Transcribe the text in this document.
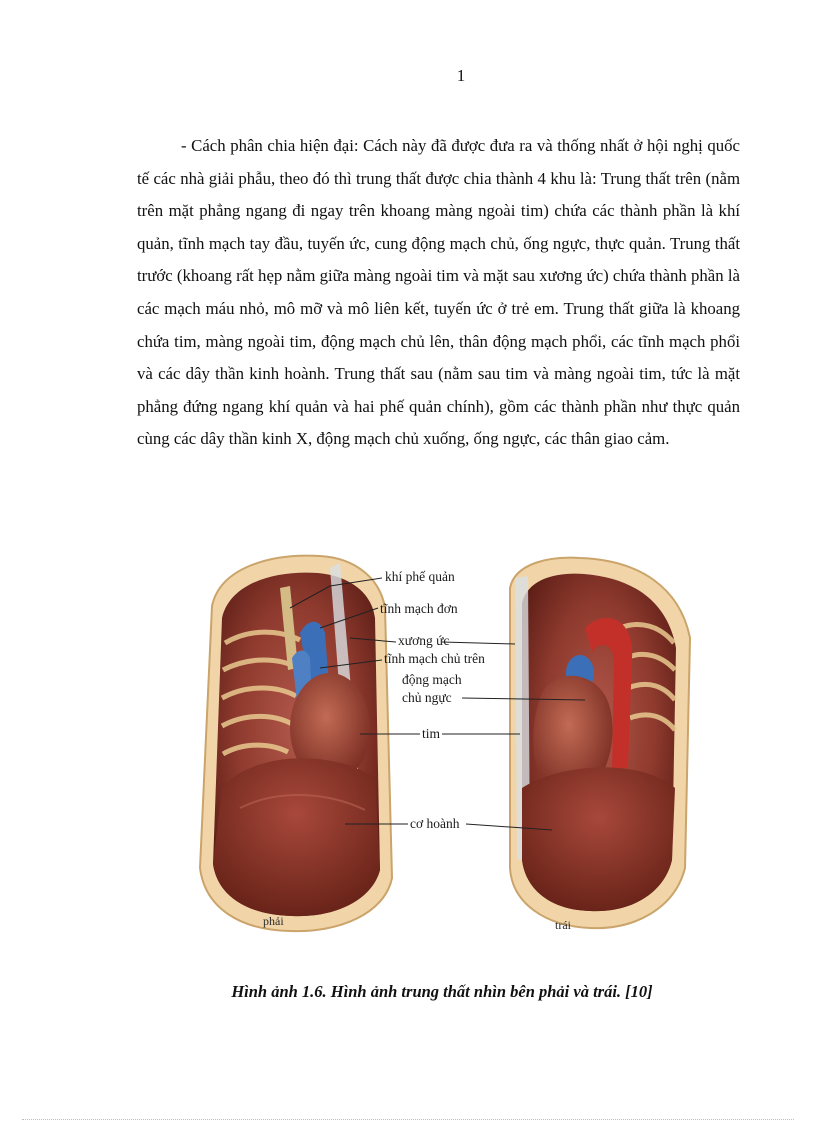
1

- Cách phân chia hiện đại: Cách này đã được đưa ra và thống nhất ở hội nghị quốc tế các nhà giải phẫu, theo đó thì trung thất được chia thành 4 khu là: Trung thất trên (nằm trên mặt phẳng ngang đi ngay trên khoang màng ngoài tim) chứa các thành phần là khí quản, tĩnh mạch tay đầu, tuyến ức, cung động mạch chủ, ống ngực, thực quản. Trung thất trước (khoang rất hẹp nằm giữa màng ngoài tim và mặt sau xương ức) chứa thành phần là các mạch máu nhỏ, mô mỡ và mô liên kết, tuyến ức ở trẻ em. Trung thất giữa là khoang chứa tim, màng ngoài tim, động mạch chủ lên, thân động mạch phổi, các tĩnh mạch phổi và các dây thần kinh hoành. Trung thất sau (nằm sau tim và màng ngoài tim, tức là mặt phẳng đứng ngang khí quản và hai phế quản chính), gồm các thành phần như thực quản cùng các dây thần kinh X, động mạch chủ xuống, ống ngực, các thân giao cảm.

khí phế quản
tĩnh mạch đơn
xương ức
tĩnh mạch chủ trên
động mạch
chủ ngực
tim
cơ hoành
phải	trái
Hình ảnh 1.6. Hình ảnh trung thất nhìn bên phải và trái. [10]
